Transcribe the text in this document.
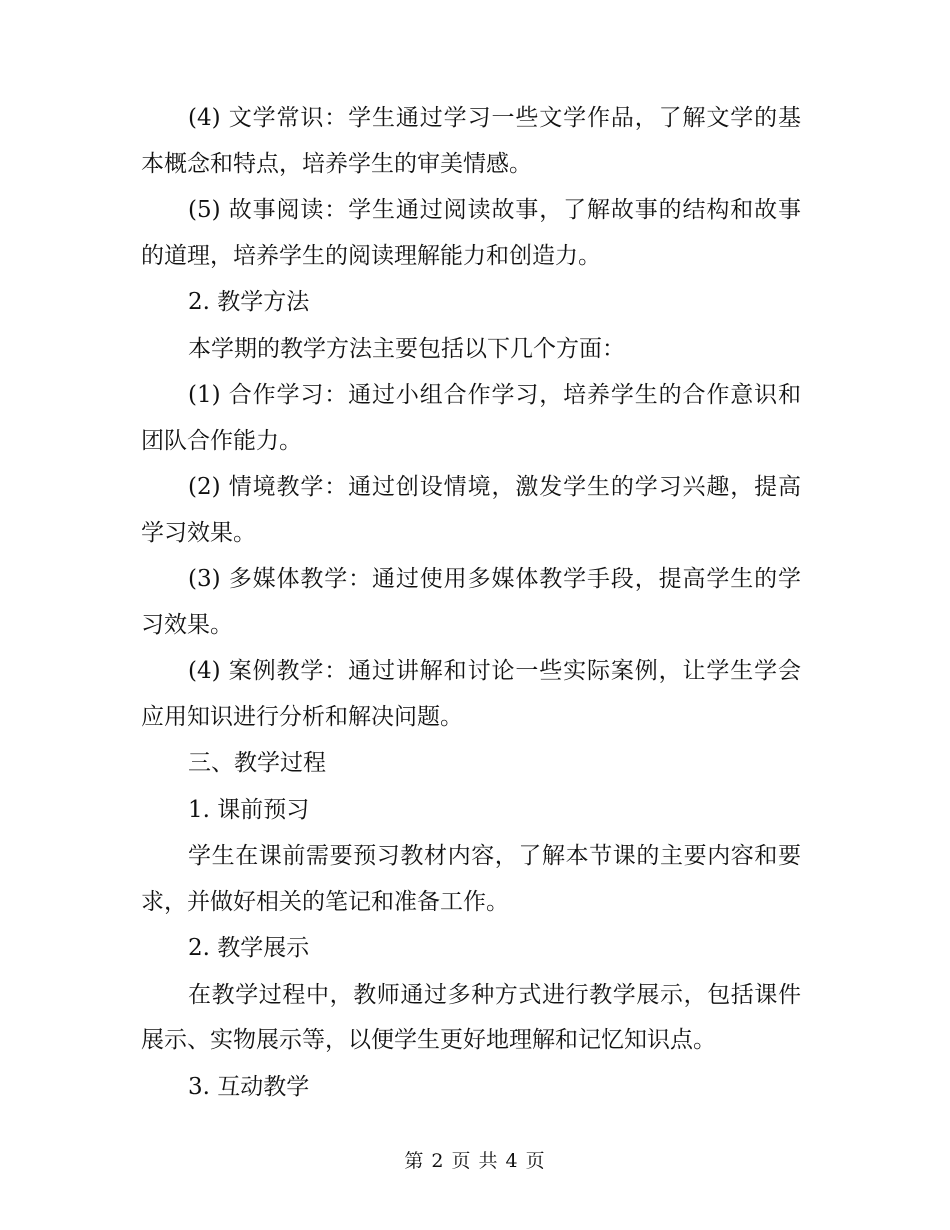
(4) 文学常识：学生通过学习一些文学作品，了解文学的基本概念和特点，培养学生的审美情感。

(5) 故事阅读：学生通过阅读故事，了解故事的结构和故事的道理，培养学生的阅读理解能力和创造力。

2. 教学方法

本学期的教学方法主要包括以下几个方面：

(1) 合作学习：通过小组合作学习，培养学生的合作意识和团队合作能力。

(2) 情境教学：通过创设情境，激发学生的学习兴趣，提高学习效果。

(3) 多媒体教学：通过使用多媒体教学手段，提高学生的学习效果。

(4) 案例教学：通过讲解和讨论一些实际案例，让学生学会应用知识进行分析和解决问题。

三、教学过程

1. 课前预习

学生在课前需要预习教材内容，了解本节课的主要内容和要求，并做好相关的笔记和准备工作。

2. 教学展示

在教学过程中，教师通过多种方式进行教学展示，包括课件展示、实物展示等，以便学生更好地理解和记忆知识点。

3. 互动教学

第 2 页 共 4 页
